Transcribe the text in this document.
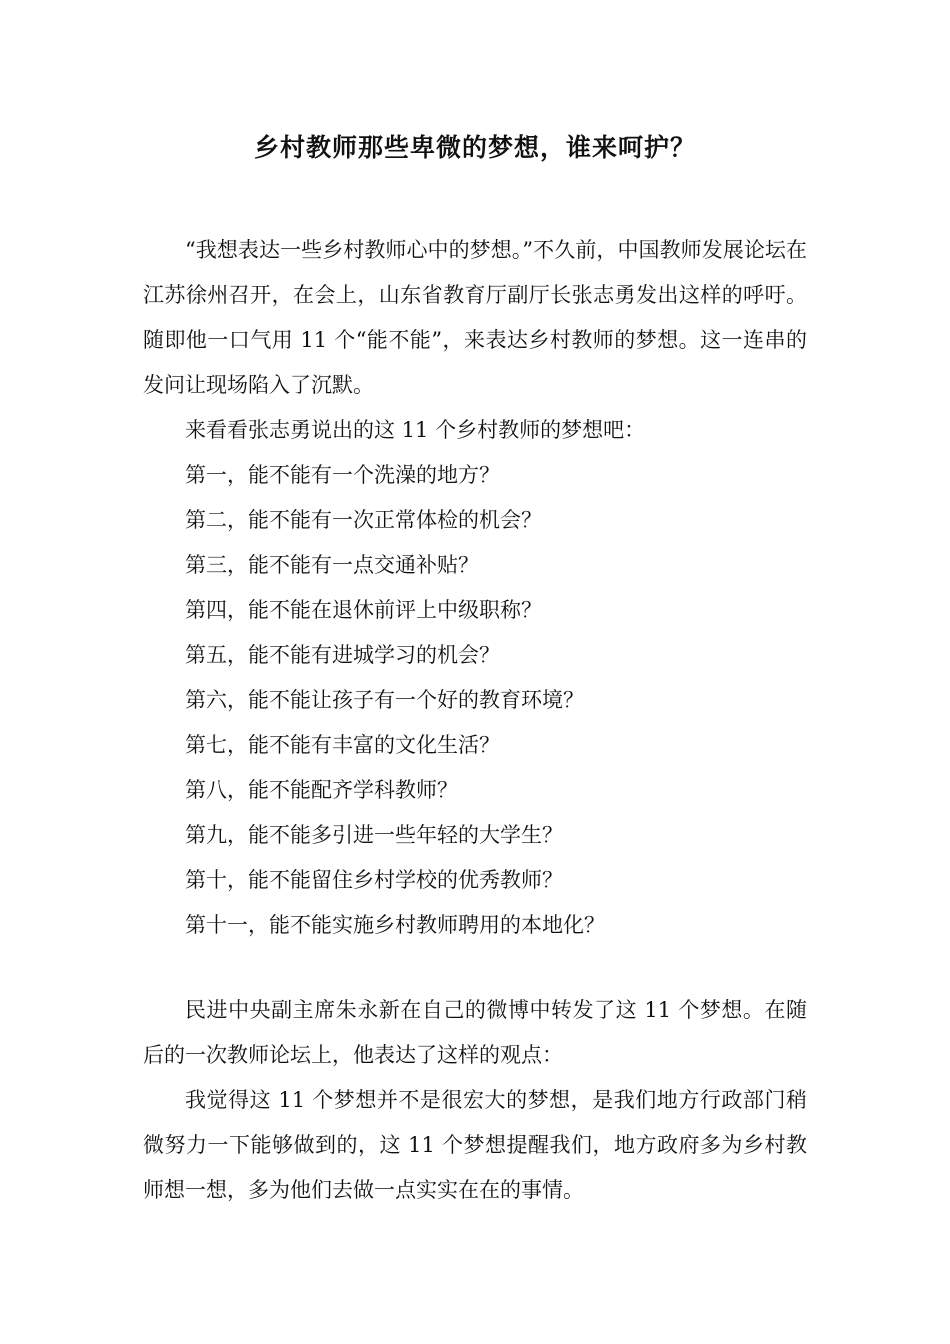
乡村教师那些卑微的梦想，谁来呵护？

“我想表达一些乡村教师心中的梦想。”不久前，中国教师发展论坛在江苏徐州召开，在会上，山东省教育厅副厅长张志勇发出这样的呼吁。随即他一口气用 11 个“能不能”，来表达乡村教师的梦想。这一连串的发问让现场陷入了沉默。

来看看张志勇说出的这 11 个乡村教师的梦想吧：

第一，能不能有一个洗澡的地方？

第二，能不能有一次正常体检的机会？

第三，能不能有一点交通补贴？

第四，能不能在退休前评上中级职称？

第五，能不能有进城学习的机会？

第六，能不能让孩子有一个好的教育环境？

第七，能不能有丰富的文化生活？

第八，能不能配齐学科教师？

第九，能不能多引进一些年轻的大学生？

第十，能不能留住乡村学校的优秀教师？

第十一，能不能实施乡村教师聘用的本地化？

民进中央副主席朱永新在自己的微博中转发了这 11 个梦想。在随后的一次教师论坛上，他表达了这样的观点：

我觉得这 11 个梦想并不是很宏大的梦想，是我们地方行政部门稍微努力一下能够做到的，这 11 个梦想提醒我们，地方政府多为乡村教师想一想，多为他们去做一点实实在在的事情。
